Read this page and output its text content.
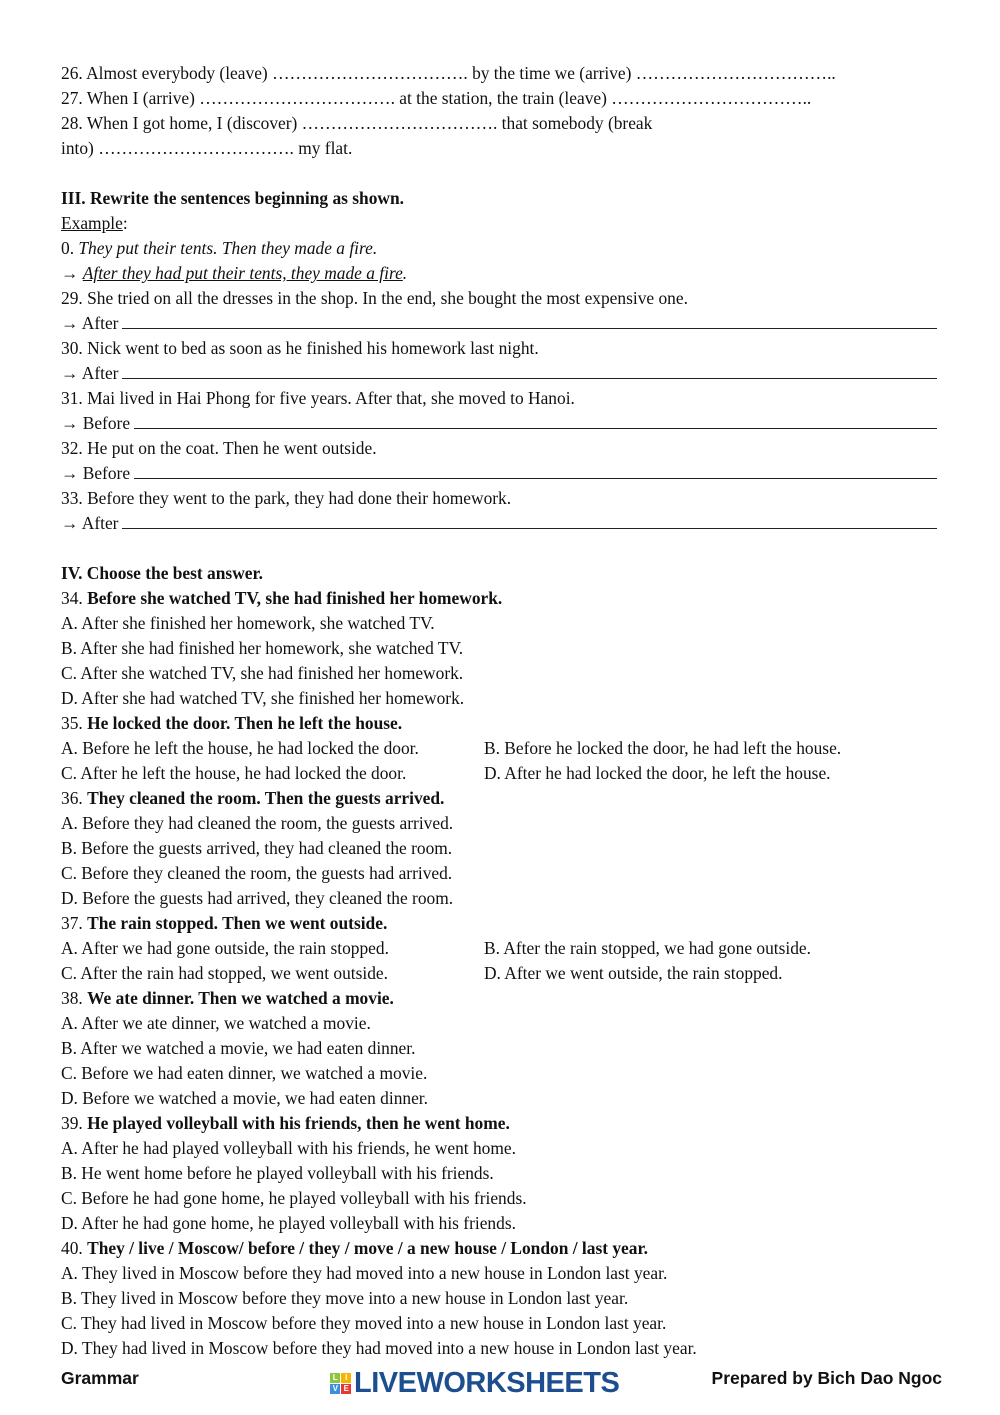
26. Almost everybody (leave) ……………………………. by the time we (arrive) ……………………………..
27. When I (arrive) ……………………………. at the station, the train (leave) ……………………………..
28. When I got home, I (discover) ……………………………. that somebody (break
into) ……………………………. my flat.
III. Rewrite the sentences beginning as shown.
Example:
0. They put their tents. Then they made a fire.
→ After they had put their tents, they made a fire.
29. She tried on all the dresses in the shop. In the end, she bought the most expensive one.
→ After
30. Nick went to bed as soon as he finished his homework last night.
→ After
31. Mai lived in Hai Phong for five years. After that, she moved to Hanoi.
→ Before
32. He put on the coat. Then he went outside.
→ Before
33. Before they went to the park, they had done their homework.
→ After
IV. Choose the best answer.
34. Before she watched TV, she had finished her homework.
A. After she finished her homework, she watched TV.
B. After she had finished her homework, she watched TV.
C. After she watched TV, she had finished her homework.
D. After she had watched TV, she finished her homework.
35. He locked the door. Then he left the house.
A. Before he left the house, he had locked the door.	B. Before he locked the door, he had left the house.
C. After he left the house, he had locked the door.	D. After he had locked the door, he left the house.
36. They cleaned the room. Then the guests arrived.
A. Before they had cleaned the room, the guests arrived.
B. Before the guests arrived, they had cleaned the room.
C. Before they cleaned the room, the guests had arrived.
D. Before the guests had arrived, they cleaned the room.
37. The rain stopped. Then we went outside.
A. After we had gone outside, the rain stopped.	B. After the rain stopped, we had gone outside.
C. After the rain had stopped, we went outside.	D. After we went outside, the rain stopped.
38. We ate dinner. Then we watched a movie.
A. After we ate dinner, we watched a movie.
B. After we watched a movie, we had eaten dinner.
C. Before we had eaten dinner, we watched a movie.
D. Before we watched a movie, we had eaten dinner.
39. He played volleyball with his friends, then he went home.
A. After he had played volleyball with his friends, he went home.
B. He went home before he played volleyball with his friends.
C. Before he had gone home, he played volleyball with his friends.
D. After he had gone home, he played volleyball with his friends.
40. They / live / Moscow/ before / they / move / a new house / London / last year.
A. They lived in Moscow before they had moved into a new house in London last year.
B. They lived in Moscow before they move into a new house in London last year.
C. They had lived in Moscow before they moved into a new house in London last year.
D. They had lived in Moscow before they had moved into a new house in London last year.
Grammar	Prepared by Bich Dao Ngoc
L I
V E LIVEWORKSHEETS
